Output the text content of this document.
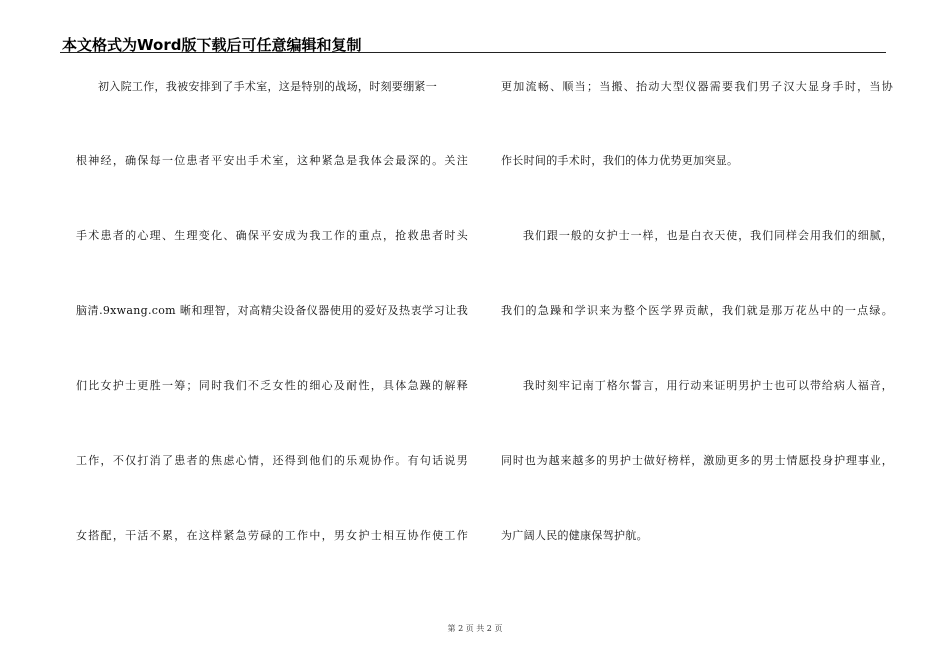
本文格式为Word版下载后可任意编辑和复制
初入院工作，我被安排到了手术室，这是特别的战场，时刻要绷紧一
根神经，确保每一位患者平安出手术室，这种紧急是我体会最深的。关注
手术患者的心理、生理变化、确保平安成为我工作的重点，抢救患者时头
脑清.9xwang.com 晰和理智，对高精尖设备仪器使用的爱好及热衷学习让我
们比女护士更胜一筹；同时我们不乏女性的细心及耐性，具体急躁的解释
工作，不仅打消了患者的焦虑心情，还得到他们的乐观协作。有句话说男
女搭配，干活不累，在这样紧急劳碌的工作中，男女护士相互协作使工作
更加流畅、顺当；当搬、抬动大型仪器需要我们男子汉大显身手时，当协
作长时间的手术时，我们的体力优势更加突显。
我们跟一般的女护士一样，也是白衣天使，我们同样会用我们的细腻，
我们的急躁和学识来为整个医学界贡献，我们就是那万花丛中的一点绿。
我时刻牢记南丁格尔誓言，用行动来证明男护士也可以带给病人福音，
同时也为越来越多的男护士做好榜样，激励更多的男士情愿投身护理事业，
为广阔人民的健康保驾护航。
第 2 页 共 2 页
